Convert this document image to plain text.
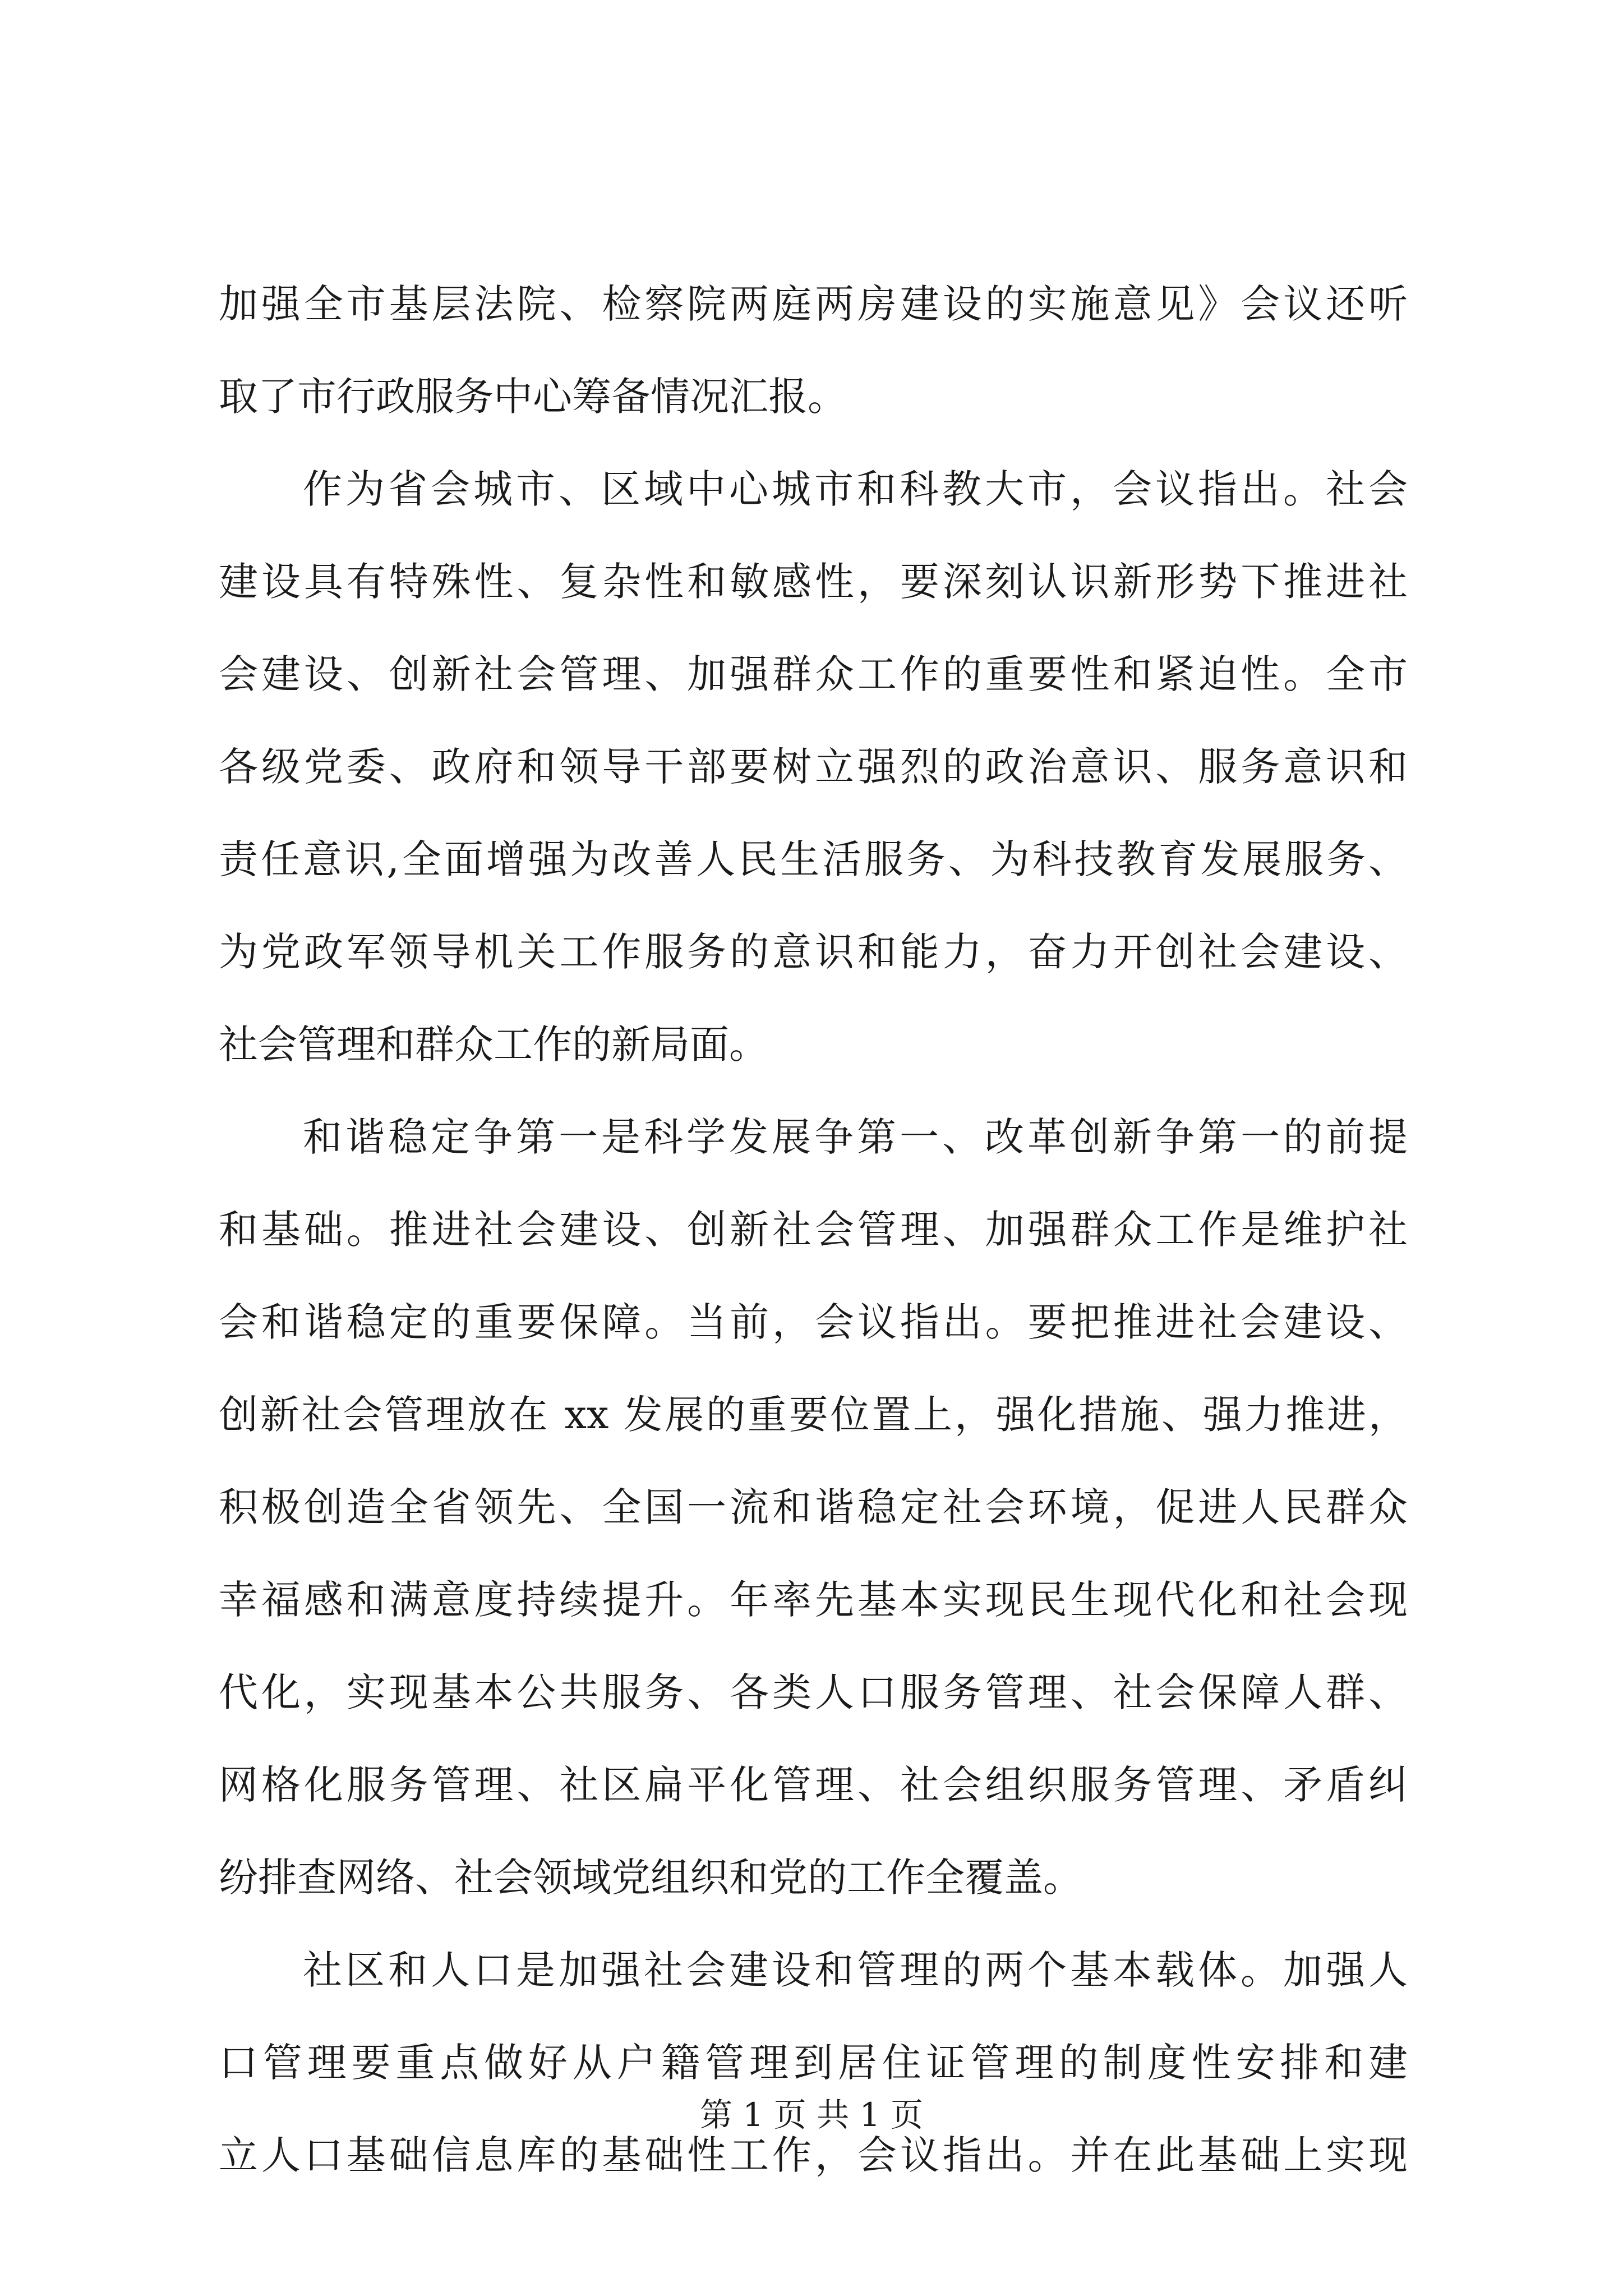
加强全市基层法院、检察院两庭两房建设的实施意见》会议还听
取了市行政服务中心筹备情况汇报。
作为省会城市、区域中心城市和科教大市，会议指出。社会
建设具有特殊性、复杂性和敏感性，要深刻认识新形势下推进社
会建设、创新社会管理、加强群众工作的重要性和紧迫性。全市
各级党委、政府和领导干部要树立强烈的政治意识、服务意识和
责任意识,全面增强为改善人民生活服务、为科技教育发展服务、
为党政军领导机关工作服务的意识和能力，奋力开创社会建设、
社会管理和群众工作的新局面。
和谐稳定争第一是科学发展争第一、改革创新争第一的前提
和基础。推进社会建设、创新社会管理、加强群众工作是维护社
会和谐稳定的重要保障。当前，会议指出。要把推进社会建设、
创新社会管理放在 xx 发展的重要位置上，强化措施、强力推进，
积极创造全省领先、全国一流和谐稳定社会环境，促进人民群众
幸福感和满意度持续提升。年率先基本实现民生现代化和社会现
代化，实现基本公共服务、各类人口服务管理、社会保障人群、
网格化服务管理、社区扁平化管理、社会组织服务管理、矛盾纠
纷排查网络、社会领域党组织和党的工作全覆盖。
社区和人口是加强社会建设和管理的两个基本载体。加强人
口管理要重点做好从户籍管理到居住证管理的制度性安排和建
立人口基础信息库的基础性工作，会议指出。并在此基础上实现
第 1 页 共 1 页
